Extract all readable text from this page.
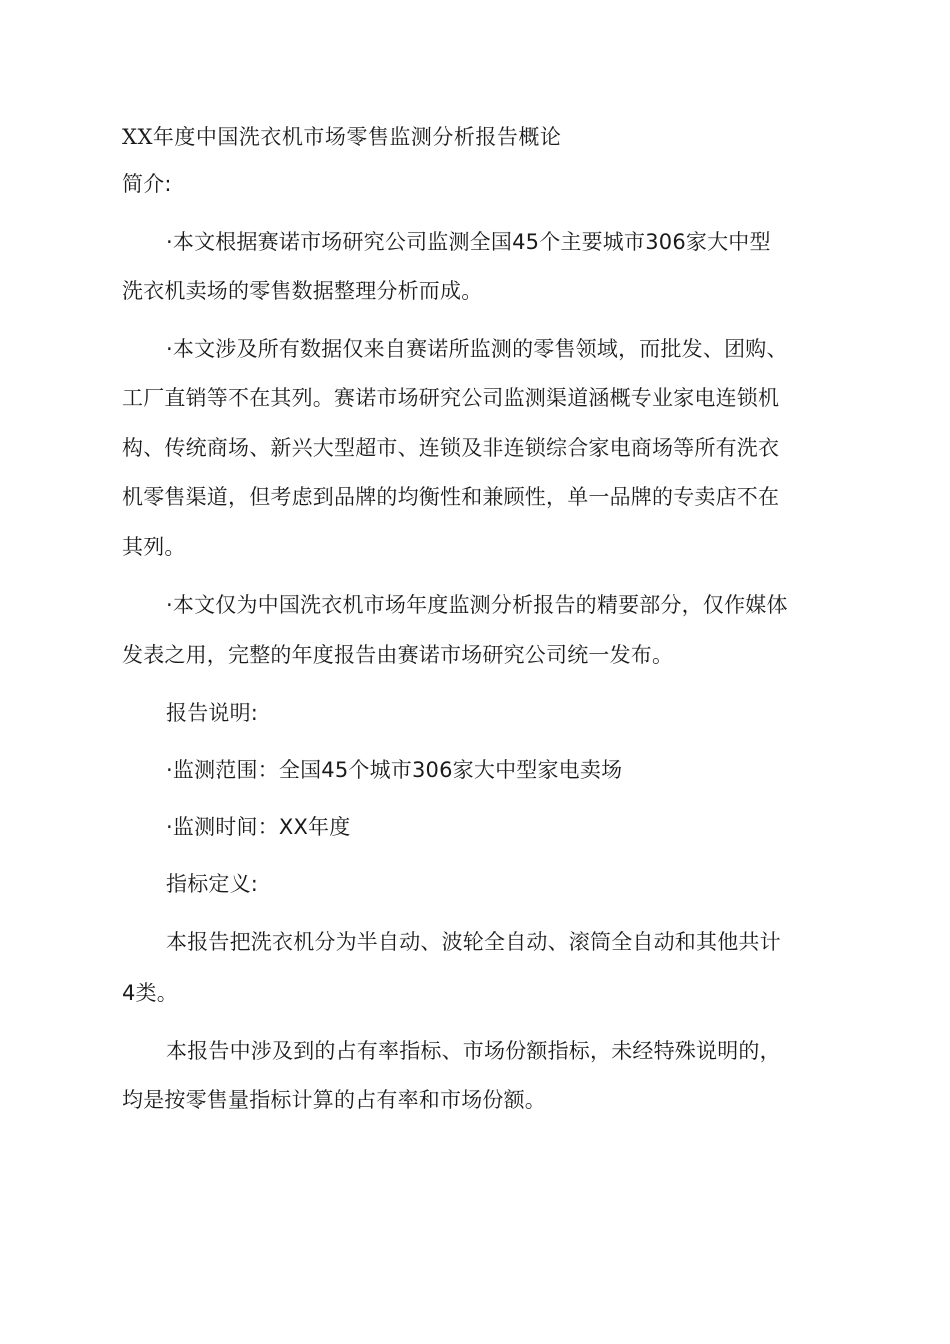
XX年度中国洗衣机市场零售监测分析报告概论
简介:
·本文根据赛诺市场研究公司监测全国45个主要城市306家大中型
洗衣机卖场的零售数据整理分析而成。
·本文涉及所有数据仅来自赛诺所监测的零售领域，而批发、团购、
工厂直销等不在其列。赛诺市场研究公司监测渠道涵概专业家电连锁机
构、传统商场、新兴大型超市、连锁及非连锁综合家电商场等所有洗衣
机零售渠道，但考虑到品牌的均衡性和兼顾性，单一品牌的专卖店不在
其列。
·本文仅为中国洗衣机市场年度监测分析报告的精要部分，仅作媒体
发表之用，完整的年度报告由赛诺市场研究公司统一发布。
报告说明:
·监测范围：全国45个城市306家大中型家电卖场
·监测时间：XX年度
指标定义:
本报告把洗衣机分为半自动、波轮全自动、滚筒全自动和其他共计
4类。
本报告中涉及到的占有率指标、市场份额指标，未经特殊说明的，
均是按零售量指标计算的占有率和市场份额。
